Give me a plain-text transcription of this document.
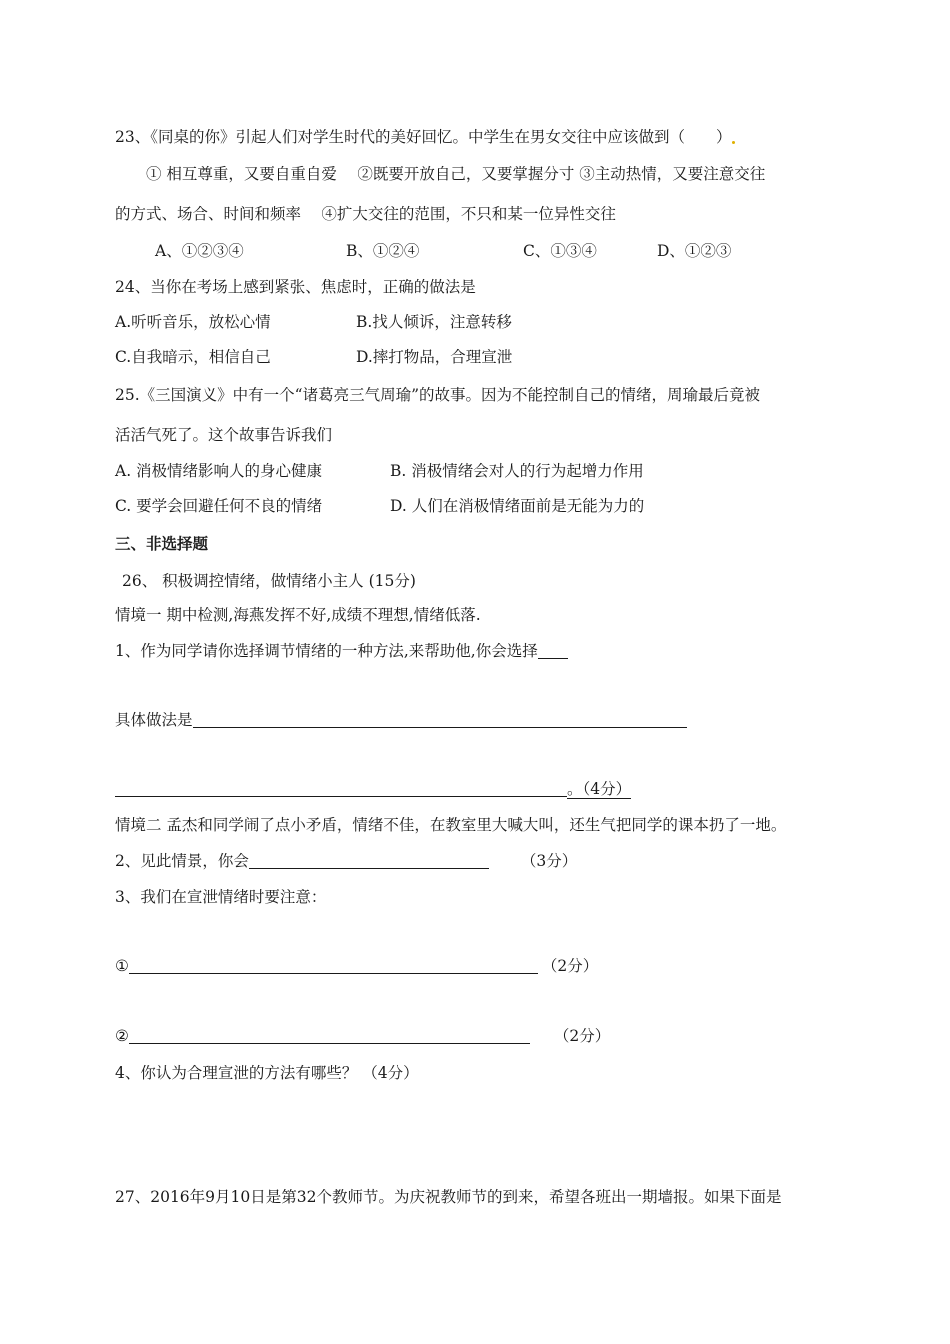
23、《同桌的你》引起人们对学生时代的美好回忆。中学生在男女交往中应该做到（　　）
① 相互尊重，又要自重自爱　 ②既要开放自己，又要掌握分寸 ③主动热情，又要注意交往
的方式、场合、时间和频率　 ④扩大交往的范围，不只和某一位异性交往
A、①②③④	B、①②④	C、①③④	D、①②③
24、当你在考场上感到紧张、焦虑时，正确的做法是
A.听听音乐，放松心情	B.找人倾诉，注意转移
C.自我暗示，相信自己	D.摔打物品，合理宣泄
25.《三国演义》中有一个“诸葛亮三气周瑜”的故事。因为不能控制自己的情绪，周瑜最后竟被
活活气死了。这个故事告诉我们
A. 消极情绪影响人的身心健康	B. 消极情绪会对人的行为起增力作用
C. 要学会回避任何不良的情绪	D. 人们在消极情绪面前是无能为力的
三、非选择题
26、 积极调控情绪，做情绪小主人 (15分)
情境一 期中检测,海燕发挥不好,成绩不理想,情绪低落.
1、作为同学请你选择调节情绪的一种方法,来帮助他,你会选择
具体做法是
。（4分）
情境二 孟杰和同学闹了点小矛盾，情绪不佳，在教室里大喊大叫，还生气把同学的课本扔了一地。
2、见此情景，你会	（3分）
3、我们在宣泄情绪时要注意：
①	（2分）
②	（2分）
4、你认为合理宣泄的方法有哪些？ （4分）
27、2016年9月10日是第32个教师节。为庆祝教师节的到来，希望各班出一期墙报。如果下面是
